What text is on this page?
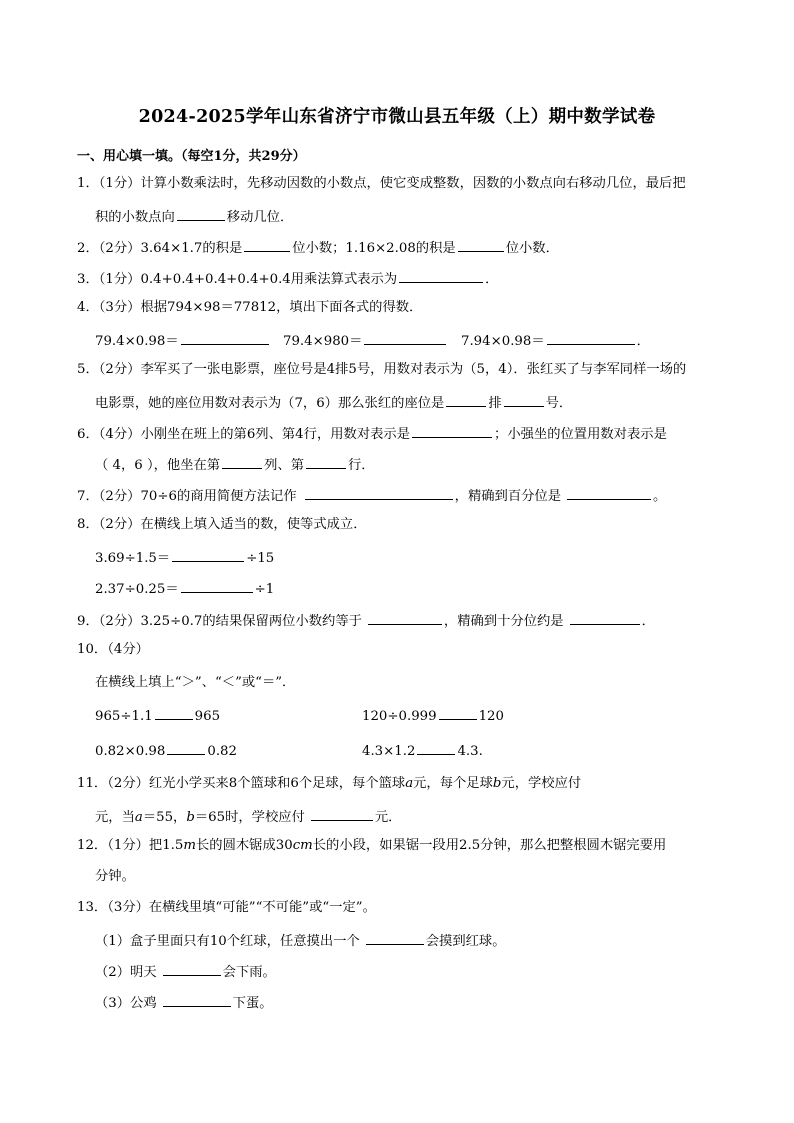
2024-2025学年山东省济宁市微山县五年级（上）期中数学试卷
一、用心填一填。（每空1分，共29分）
1．（1分）计算小数乘法时，先移动因数的小数点，使它变成整数，因数的小数点向右移动几位，最后把
积的小数点向	移动几位．
2．（2分）3.64×1.7的积是	位小数；1.16×2.08的积是	位小数．
3．（1分）0.4+0.4+0.4+0.4+0.4用乘法算式表示为	．
4．（3分）根据794×98＝77812，填出下面各式的得数．
79.4×0.98＝	79.4×980＝	7.94×0.98＝	．
5．（2分）李军买了一张电影票，座位号是4排5号，用数对表示为（5，4）．张红买了与李军同样一场的
电影票，她的座位用数对表示为（7，6）那么张红的座位是	排	号．
6．（4分）小刚坐在班上的第6列、第4行，用数对表示是	；小强坐的位置用数对表示是
（ 4，6 ），他坐在第	列、第	行．
7．（2分）70÷6的商用简便方法记作	，精确到百分位是	。
8．（2分）在横线上填入适当的数，使等式成立．
3.69÷1.5＝	÷15
2.37÷0.25＝	÷1
9．（2分）3.25÷0.7的结果保留两位小数约等于	，精确到十分位约是	．
10．（4分）
在横线上填上“＞”、“＜”或“＝”．
965÷1.1	965	120÷0.999	120
0.82×0.98	0.82	4.3×1.2	4.3.
11．（2分）红光小学买来8个篮球和6个足球，每个篮球a元，每个足球b元，学校应付
元，当a＝55，b＝65时，学校应付	元．
12．（1分）把1.5m长的圆木锯成30cm长的小段，如果锯一段用2.5分钟，那么把整根圆木锯完要用
分钟。
13．（3分）在横线里填“可能”“不可能”或“一定”。
（1）盒子里面只有10个红球，任意摸出一个	会摸到红球。
（2）明天	会下雨。
（3）公鸡	下蛋。
